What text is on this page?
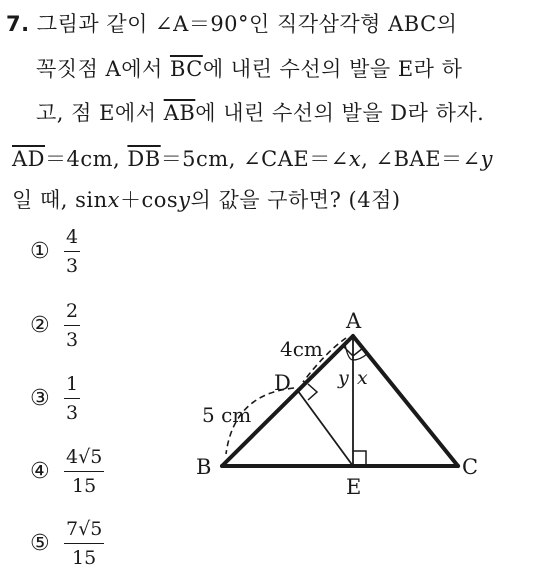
7. 그림과 같이 ∠A＝90°인 직각삼각형 ABC의
꼭짓점 A에서 $\overline{BC}$에 내린 수선의 발을 E라 하
고, 점 E에서 $\overline{AB}$에 내린 수선의 발을 D라 하자.
$\overline{AD}=4cm$, $\overline{DB}=5cm$, ∠CAE＝∠x, ∠BAE＝∠y
일 때, sinx＋cosy의 값을 구하면? (4점)
① $\frac{4}{3}$
② $\frac{2}{3}$
③ $\frac{1}{3}$
④ $\frac{4√5}{15}$
⑤ $\frac{7√5}{15}$
A
B	C
D
E
y x
4cm
5 cm
